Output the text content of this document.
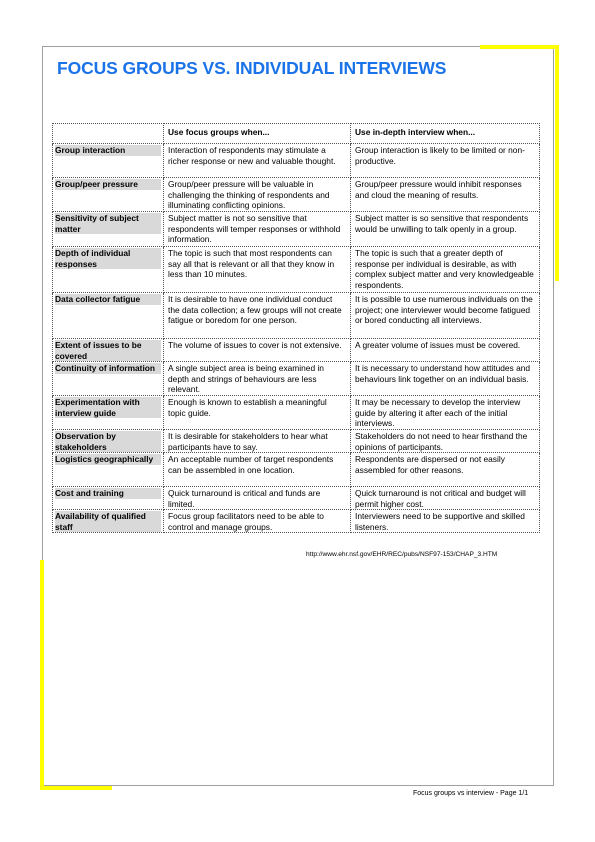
FOCUS GROUPS VS. INDIVIDUAL INTERVIEWS
	Use focus groups when...	Use in-depth interview when...

Group interaction	Interaction of respondents may stimulate a richer response or new and valuable thought.	Group interaction is likely to be limited or non-productive.

Group/peer pressure	Group/peer pressure will be valuable in challenging the thinking of respondents and illuminating conflicting opinions.	Group/peer pressure would inhibit responses and cloud the meaning of results.

Sensitivity of subject matter	Subject matter is not so sensitive that respondents will temper responses or withhold information.	Subject matter is so sensitive that respondents would be unwilling to talk openly in a group.

Depth of individual responses	The topic is such that most respondents can say all that is relevant or all that they know in less than 10 minutes.	The topic is such that a greater depth of response per individual is desirable, as with complex subject matter and very knowledgeable respondents.

Data collector fatigue	It is desirable to have one individual conduct the data collection; a few groups will not create fatigue or boredom for one person.	It is possible to use numerous individuals on the project; one interviewer would become fatigued or bored conducting all interviews.

Extent of issues to be covered	The volume of issues to cover is not extensive.	A greater volume of issues must be covered.

Continuity of information	A single subject area is being examined in depth and strings of behaviours are less relevant.	It is necessary to understand how attitudes and behaviours link together on an individual basis.

Experimentation with interview guide	Enough is known to establish a meaningful topic guide.	It may be necessary to develop the interview guide by altering it after each of the initial interviews.

Observation by stakeholders	It is desirable for stakeholders to hear what participants have to say.	Stakeholders do not need to hear firsthand the opinions of participants.

Logistics geographically	An acceptable number of target respondents can be assembled in one location.	Respondents are dispersed or not easily assembled for other reasons.

Cost and training	Quick turnaround is critical and funds are limited.	Quick turnaround is not critical and budget will permit higher cost.

Availability of qualified staff	Focus group facilitators need to be able to control and manage groups.	Interviewers need to be supportive and skilled listeners.
http://www.ehr.nsf.gov/EHR/REC/pubs/NSF97-153/CHAP_3.HTM
Focus groups vs interview - Page 1/1
